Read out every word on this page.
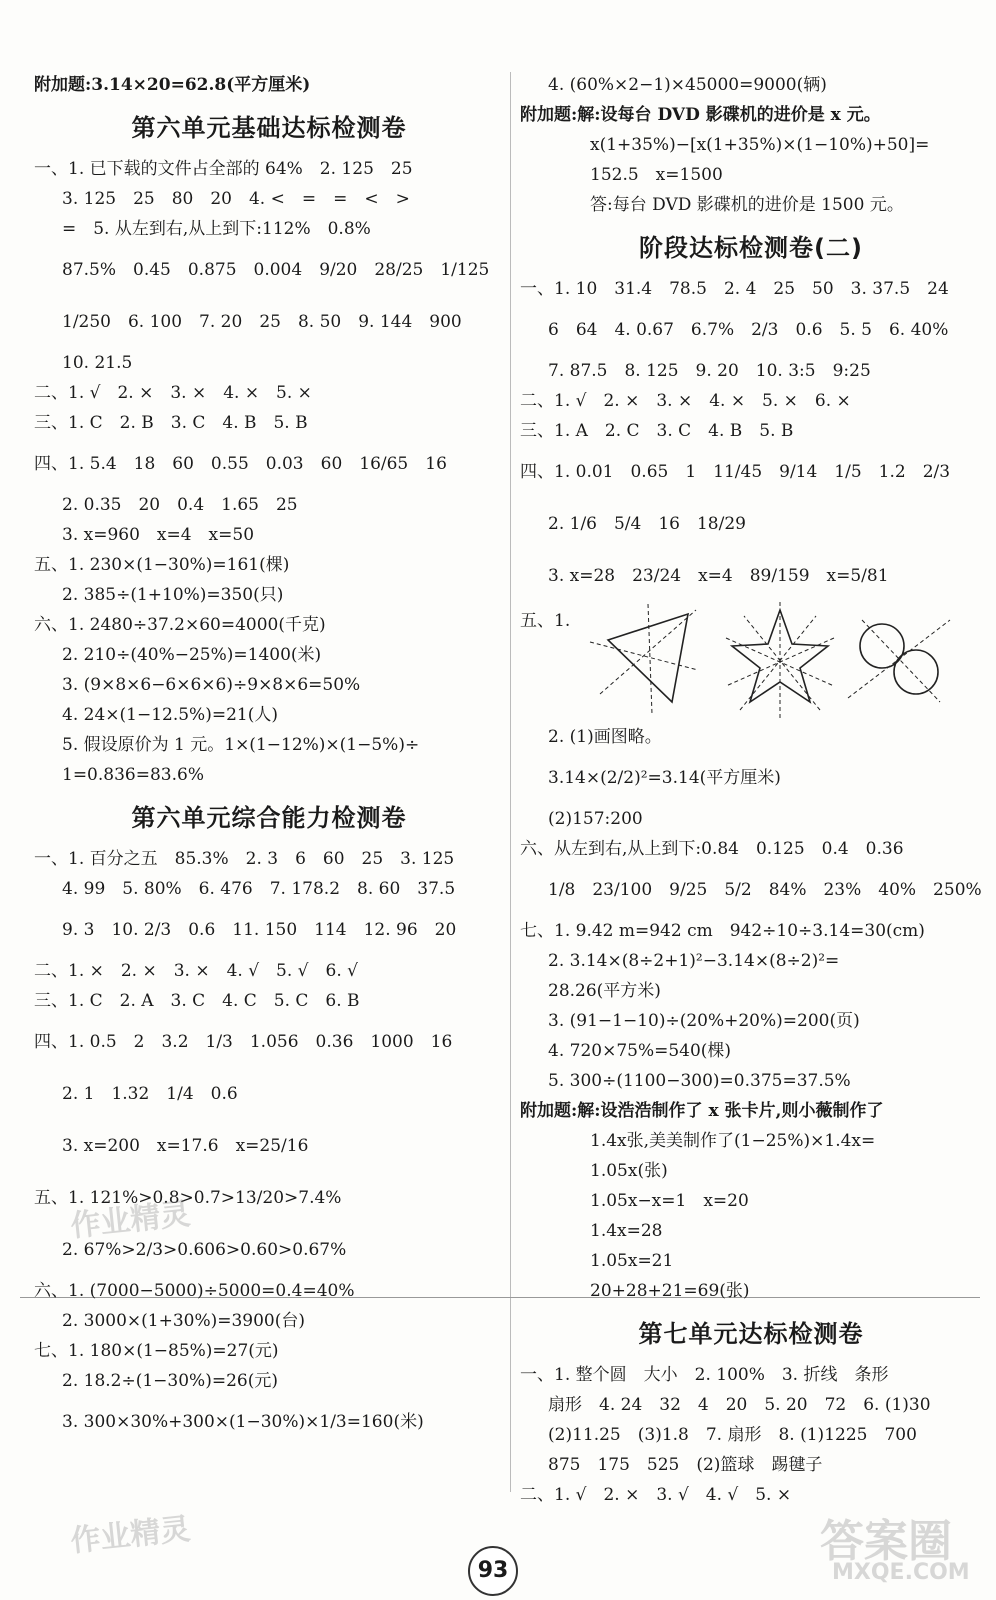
附加题:3.14×20=62.8(平方厘米)
第六单元基础达标检测卷
一、1. 已下载的文件占全部的 64%　2. 125　25
3. 125　25　80　20　4. <　=　=　<　>
=　5. 从左到右,从上到下:112%　0.8%
87.5%　0.45　0.875　0.004　9/20　28/25　1/125
1/250　6. 100　7. 20　25　8. 50　9. 144　900
10. 21.5
二、1. √　2. ×　3. ×　4. ×　5. ×
三、1. C　2. B　3. C　4. B　5. B
四、1. 5.4　18　60　0.55　0.03　60　16/65　16
2. 0.35　20　0.4　1.65　25
3. x=960　x=4　x=50
五、1. 230×(1−30%)=161(棵)
2. 385÷(1+10%)=350(只)
六、1. 2480÷37.2×60=4000(千克)
2. 210÷(40%−25%)=1400(米)
3. (9×8×6−6×6×6)÷9×8×6=50%
4. 24×(1−12.5%)=21(人)
5. 假设原价为 1 元。1×(1−12%)×(1−5%)÷
1=0.836=83.6%
第六单元综合能力检测卷
一、1. 百分之五　85.3%　2. 3　6　60　25　3. 125
4. 99　5. 80%　6. 476　7. 178.2　8. 60　37.5
9. 3　10. 2/3　0.6　11. 150　114　12. 96　20
二、1. ×　2. ×　3. ×　4. √　5. √　6. √
三、1. C　2. A　3. C　4. C　5. C　6. B
四、1. 0.5　2　3.2　1/3　1.056　0.36　1000　16
2. 1　1.32　1/4　0.6
3. x=200　x=17.6　x=25/16
五、1. 121%>0.8>0.7>13/20>7.4%
2. 67%>2/3>0.606>0.60>0.67%
六、1. (7000−5000)÷5000=0.4=40%
2. 3000×(1+30%)=3900(台)
七、1. 180×(1−85%)=27(元)
2. 18.2÷(1−30%)=26(元)
3. 300×30%+300×(1−30%)×1/3=160(米)
4. (60%×2−1)×45000=9000(辆)
附加题:解:设每台 DVD 影碟机的进价是 x 元。
x(1+35%)−[x(1+35%)×(1−10%)+50]=
152.5　x=1500
答:每台 DVD 影碟机的进价是 1500 元。
阶段达标检测卷(二)
一、1. 10　31.4　78.5　2. 4　25　50　3. 37.5　24
6　64　4. 0.67　6.7%　2/3　0.6　5. 5　6. 40%
7. 87.5　8. 125　9. 20　10. 3:5　9:25
二、1. √　2. ×　3. ×　4. ×　5. ×　6. ×
三、1. A　2. C　3. C　4. B　5. B
四、1. 0.01　0.65　1　11/45　9/14　1/5　1.2　2/3
2. 1/6　5/4　16　18/29
3. x=28　23/24　x=4　89/159　x=5/81
五、1.
2. (1)画图略。
3.14×(2/2)²=3.14(平方厘米)
(2)157:200
六、从左到右,从上到下:0.84　0.125　0.4　0.36
1/8　23/100　9/25　5/2　84%　23%　40%　250%
七、1. 9.42 m=942 cm　942÷10÷3.14=30(cm)
2. 3.14×(8÷2+1)²−3.14×(8÷2)²=
28.26(平方米)
3. (91−1−10)÷(20%+20%)=200(页)
4. 720×75%=540(棵)
5. 300÷(1100−300)=0.375=37.5%
附加题:解:设浩浩制作了 x 张卡片,则小薇制作了
1.4x张,美美制作了(1−25%)×1.4x=
1.05x(张)
1.05x−x=1　x=20
1.4x=28
1.05x=21
20+28+21=69(张)
第七单元达标检测卷
一、1. 整个圆　大小　2. 100%　3. 折线　条形
扇形　4. 24　32　4　20　5. 20　72　6. (1)30
(2)11.25　(3)1.8　7. 扇形　8. (1)1225　700
875　175　525　(2)篮球　踢毽子
二、1. √　2. ×　3. √　4. √　5. ×
93
作业精灵
作业精灵	答案圈
MXQE.COM
